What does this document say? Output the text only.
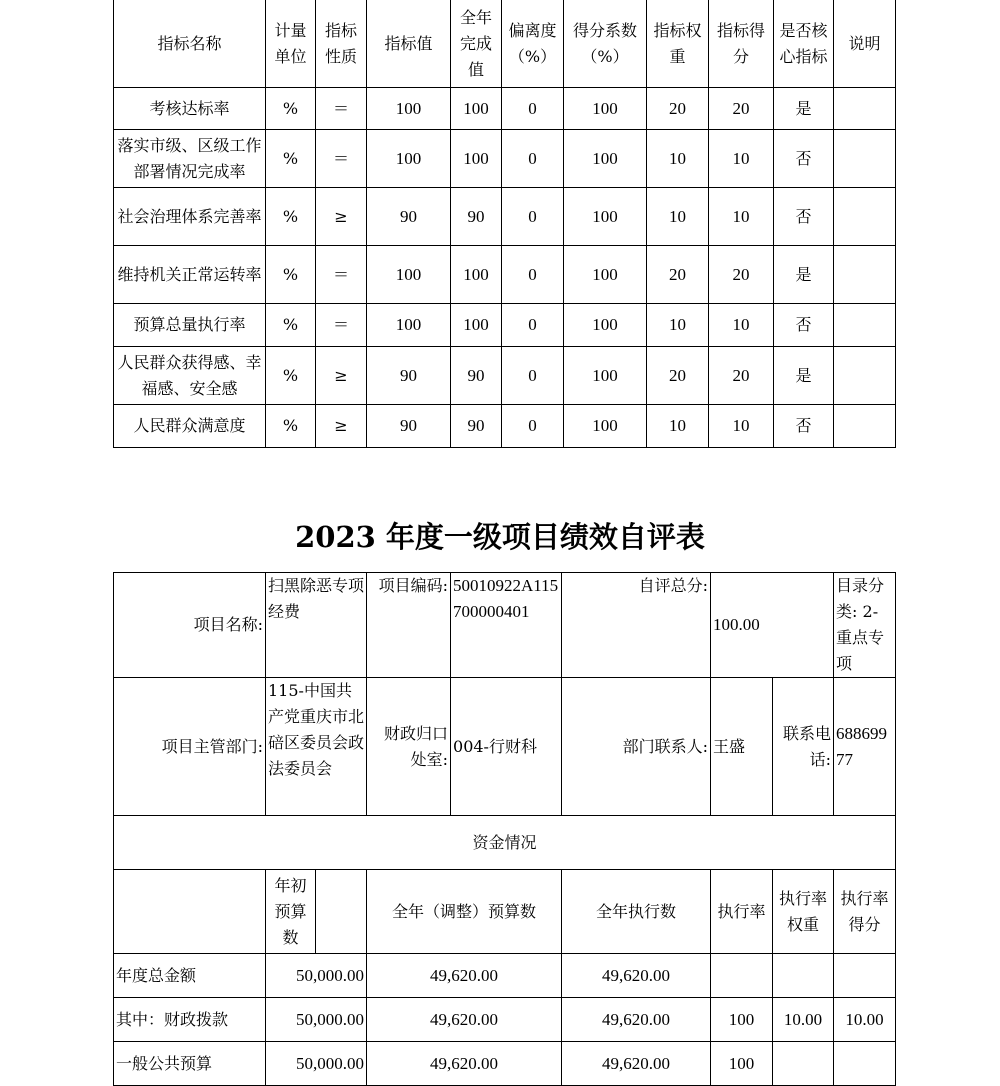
指标名称	计量单位	指标性质	指标值	全年完成值	偏离度（%）	得分系数（%）	指标权重	指标得分	是否核心指标	说明
考核达标率	%	＝	100	100	0	100	20	20	是	
落实市级、区级工作部署情况完成率	%	＝	100	100	0	100	10	10	否	
社会治理体系完善率	%	≥	90	90	0	100	10	10	否	
维持机关正常运转率	%	＝	100	100	0	100	20	20	是	
预算总量执行率	%	＝	100	100	0	100	10	10	否	
人民群众获得感、幸福感、安全感	%	≥	90	90	0	100	20	20	是	
人民群众满意度	%	≥	90	90	0	100	10	10	否	
2023 年度一级项目绩效自评表
项目名称:	扫黑除恶专项经费		项目编码:	50010922A115700000401	自评总分:	100.00		目录分类: 2-重点专项
项目主管部门:	115-中国共产党重庆市北碚区委员会政法委员会		财政归口处室:	004-行财科	部门联系人:	王盛	联系电话:	68869977
资金情况								
	年初预算数		全年（调整）预算数		全年执行数	执行率	执行率权重	执行率得分
年度总金额	50,000.00		49,620.00		49,620.00			
其中：财政拨款	50,000.00		49,620.00		49,620.00	100	10.00	10.00
一般公共预算	50,000.00		49,620.00		49,620.00	100		
